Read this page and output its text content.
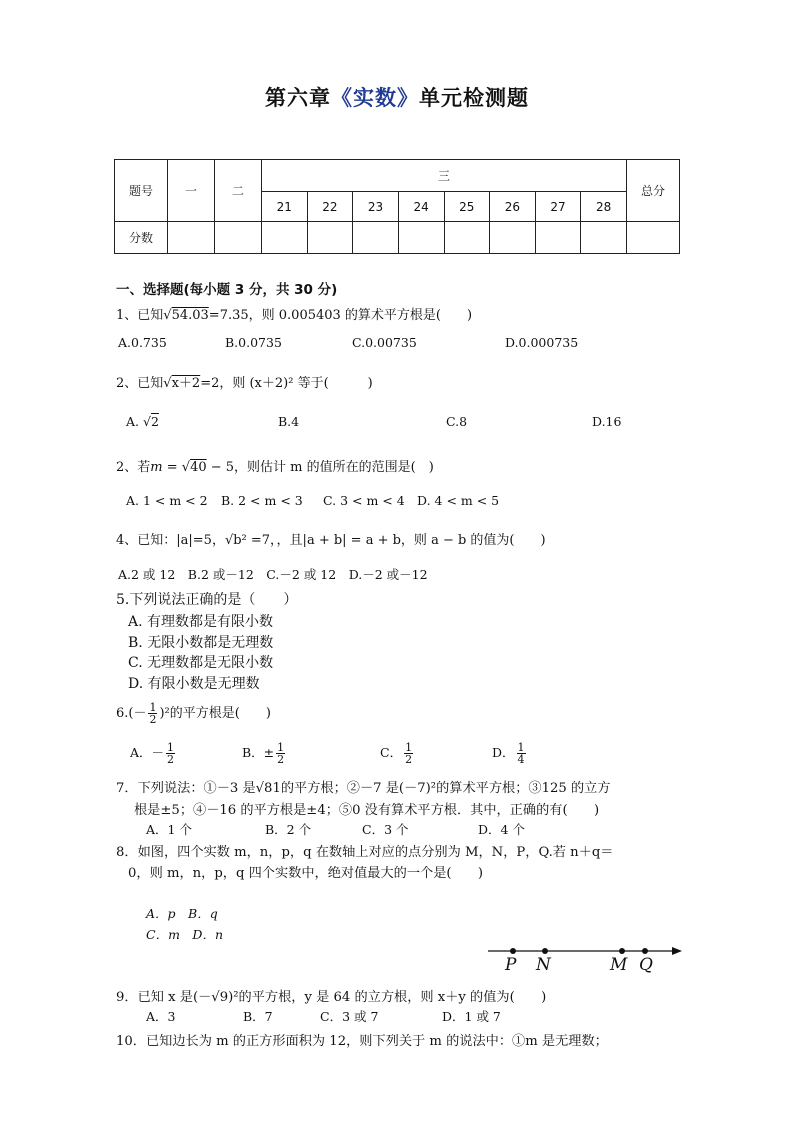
第六章《实数》单元检测题
题号	一	二	三								总分
			21	22	23	24	25	26	27	28	
分数											
一、选择题(每小题 3 分，共 30 分)
1、已知√54.03=7.35，则 0.005403 的算术平方根是(　　)
A.0.735	B.0.0735	C.0.00735	D.0.000735
2、已知√x＋2=2，则 (x＋2)² 等于(　　　)
A. √2	B.4	C.8	D.16
2、若m = √40 − 5，则估计 m 的值所在的范围是(　)
A. 1 < m < 2 B. 2 < m < 3 C. 3 < m < 4 D. 4 < m < 5
4、已知：|a|=5，√b² =7，，且|a + b| = a + b，则 a − b 的值为(　　)
A.2 或 12　B.2 或－12　C.－2 或 12　D.－2 或－12
5.下列说法正确的是（　　）
A. 有理数都是有限小数
B. 无限小数都是无理数
C. 无理数都是无限小数
D. 有限小数是无理数
$6.(- \frac{1}{2} )^2$的平方根是(　　)
A．－ $\frac{1}{2}$	B．± $\frac{1}{2}$	C． $\frac{1}{2}$	D． $\frac{1}{4}$
7．下列说法：①－3 是√81的平方根；②－7 是(－7)²的算术平方根；③125 的立方
根是±5；④－16 的平方根是±4；⑤0 没有算术平方根．其中，正确的有(　　)
A．1 个	B．2 个	C．3 个	D．4 个
8．如图，四个实数 m，n，p，q 在数轴上对应的点分别为 M，N，P，Q.若 n＋q＝
0，则 m，n，p，q 四个实数中，绝对值最大的一个是(　　)
A．p　B．q
C．m　D．n
P N	M Q
9．已知 x 是(－√9)²的平方根，y 是 64 的立方根，则 x＋y 的值为(　　)
A．3	B．7	C．3 或 7	D．1 或 7
10．已知边长为 m 的正方形面积为 12，则下列关于 m 的说法中：①m 是无理数；
